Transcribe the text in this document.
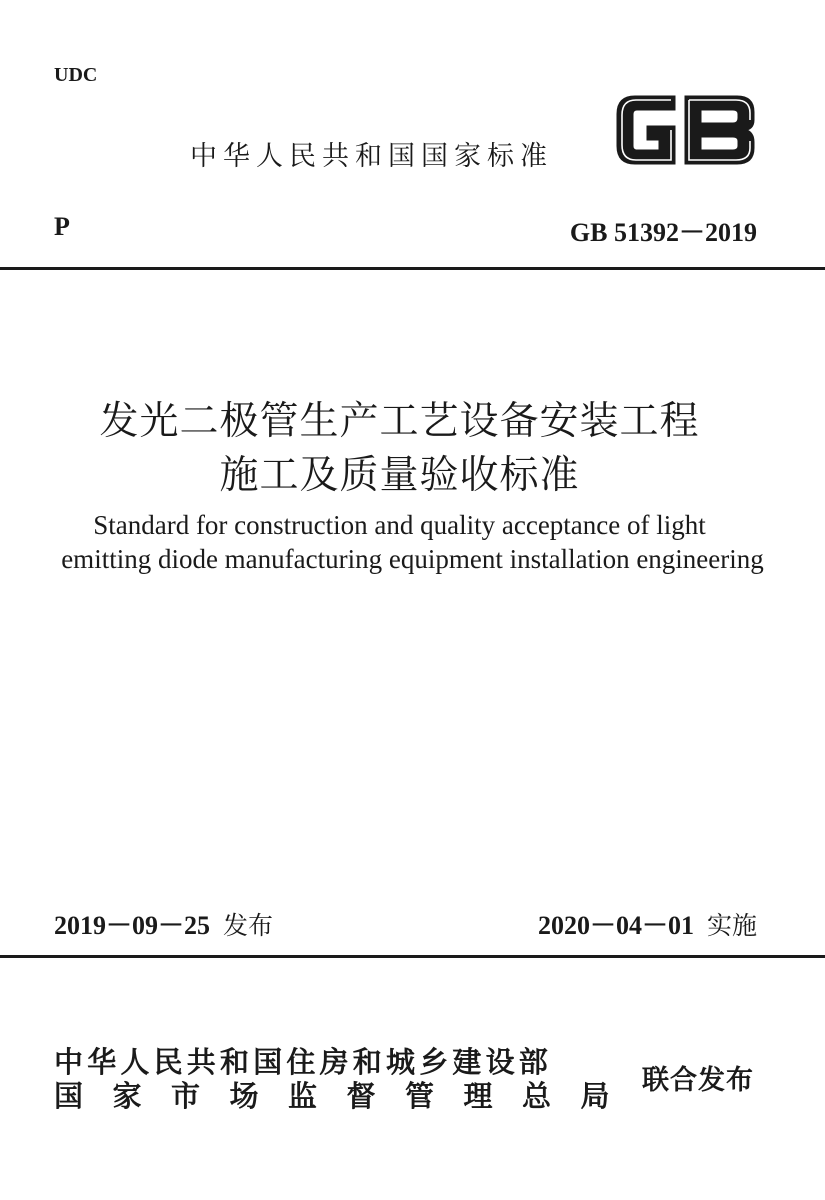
UDC
中华人民共和国国家标准
P	GB 51392－2019
发光二极管生产工艺设备安装工程
施工及质量验收标准
Standard for construction and quality acceptance of light
emitting diode manufacturing equipment installation engineering
2019－09－25 发布	2020－04－01 实施
中华人民共和国住房和城乡建设部
国家市场监督管理总局 联合发布
